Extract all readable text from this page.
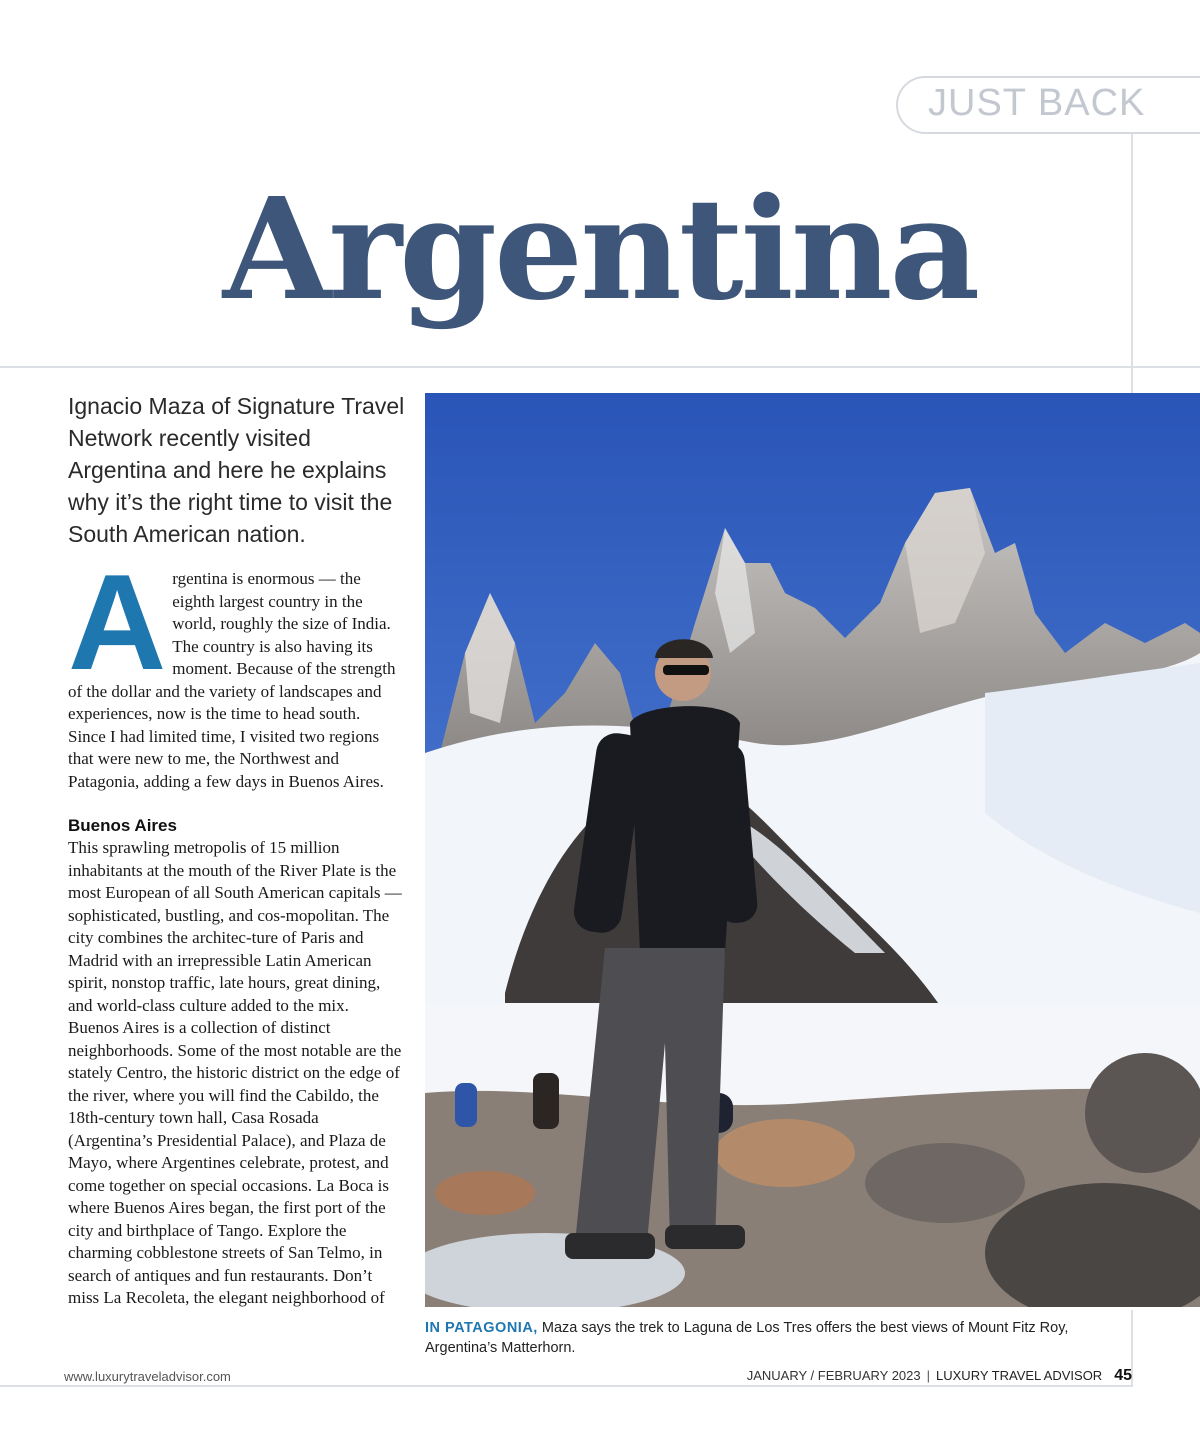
JUST BACK
Argentina
Ignacio Maza of Signature Travel Network recently visited Argentina and here he explains why it’s the right time to visit the South American nation.

Argentina is enormous — the eighth largest country in the world, roughly the size of India. The country is also having its moment. Because of the strength of the dollar and the variety of landscapes and experiences, now is the time to head south. Since I had limited time, I visited two regions that were new to me, the Northwest and Patagonia, adding a few days in Buenos Aires.

Buenos Aires
This sprawling metropolis of 15 million inhabitants at the mouth of the River Plate is the most European of all South American capitals — sophisticated, bustling, and cos-mopolitan. The city combines the architec-ture of Paris and Madrid with an irrepressible Latin American spirit, nonstop traffic, late hours, great dining, and world-class culture added to the mix. Buenos Aires is a collection of distinct neighborhoods. Some of the most notable are the stately Centro, the historic district on the edge of the river, where you will find the Cabildo, the 18th-century town hall, Casa Rosada (Argentina’s Presidential Palace), and Plaza de Mayo, where Argentines celebrate, protest, and come together on special occasions. La Boca is where Buenos Aires began, the first port of the city and birthplace of Tango. Explore the charming cobblestone streets of San Telmo, in search of antiques and fun restaurants. Don’t miss La Recoleta, the elegant neighborhood of
IN PATAGONIA, Maza says the trek to Laguna de Los Tres offers the best views of Mount Fitz Roy, Argentina’s Matterhorn.
www.luxurytraveladvisor.com	JANUARY / FEBRUARY 2023 | LUXURY TRAVEL ADVISOR 45
